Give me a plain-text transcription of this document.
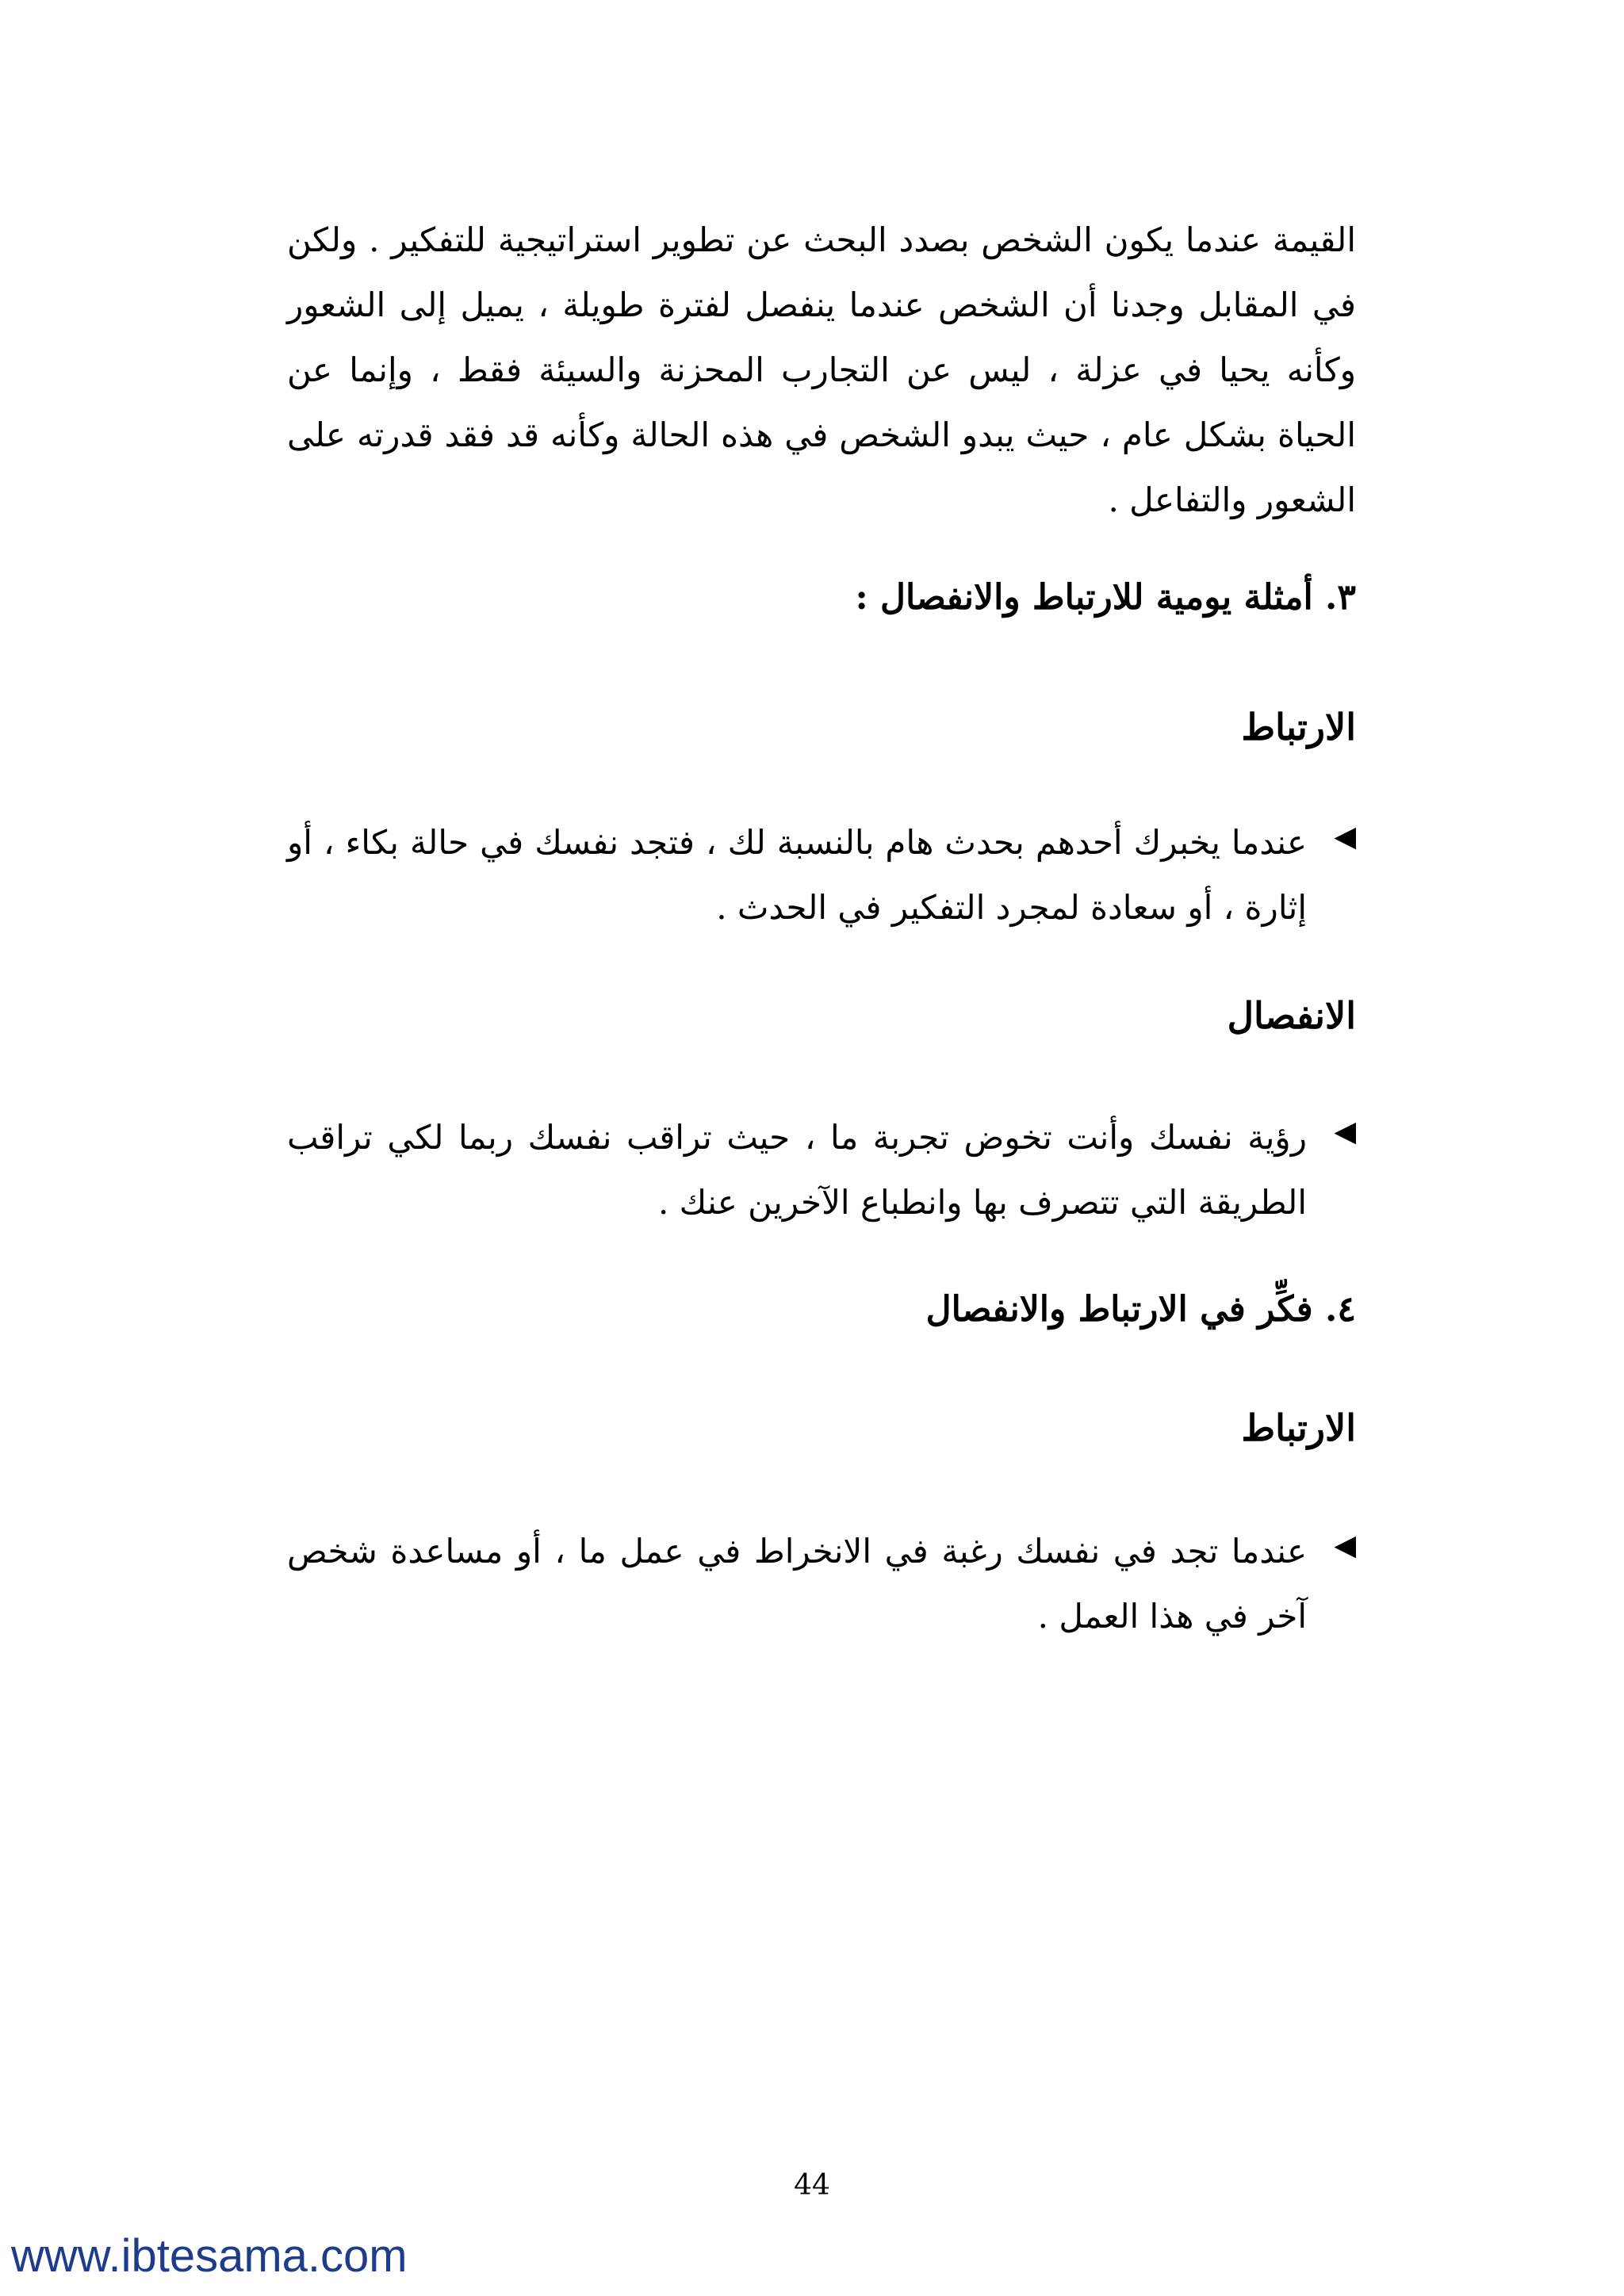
القيمة عندما يكون الشخص بصدد البحث عن تطوير استراتيجية للتفكير . ولكن في المقابل وجدنا أن الشخص عندما ينفصل لفترة طويلة ، يميل إلى الشعور وكأنه يحيا في عزلة ، ليس عن التجارب المحزنة والسيئة فقط ، وإنما عن الحياة بشكل عام ، حيث يبدو الشخص في هذه الحالة وكأنه قد فقد قدرته على الشعور والتفاعل .
٣. أمثلة يومية للارتباط والانفصال :
الارتباط
◀
عندما يخبرك أحدهم بحدث هام بالنسبة لك ، فتجد نفسك في حالة بكاء ، أو إثارة ، أو سعادة لمجرد التفكير في الحدث .
الانفصال
◀
رؤية نفسك وأنت تخوض تجربة ما ، حيث تراقب نفسك ربما لكي تراقب الطريقة التي تتصرف بها وانطباع الآخرين عنك .
٤. فكِّر في الارتباط والانفصال
الارتباط
◀
عندما تجد في نفسك رغبة في الانخراط في عمل ما ، أو مساعدة شخص آخر في هذا العمل .
44
www.ibtesama.com
